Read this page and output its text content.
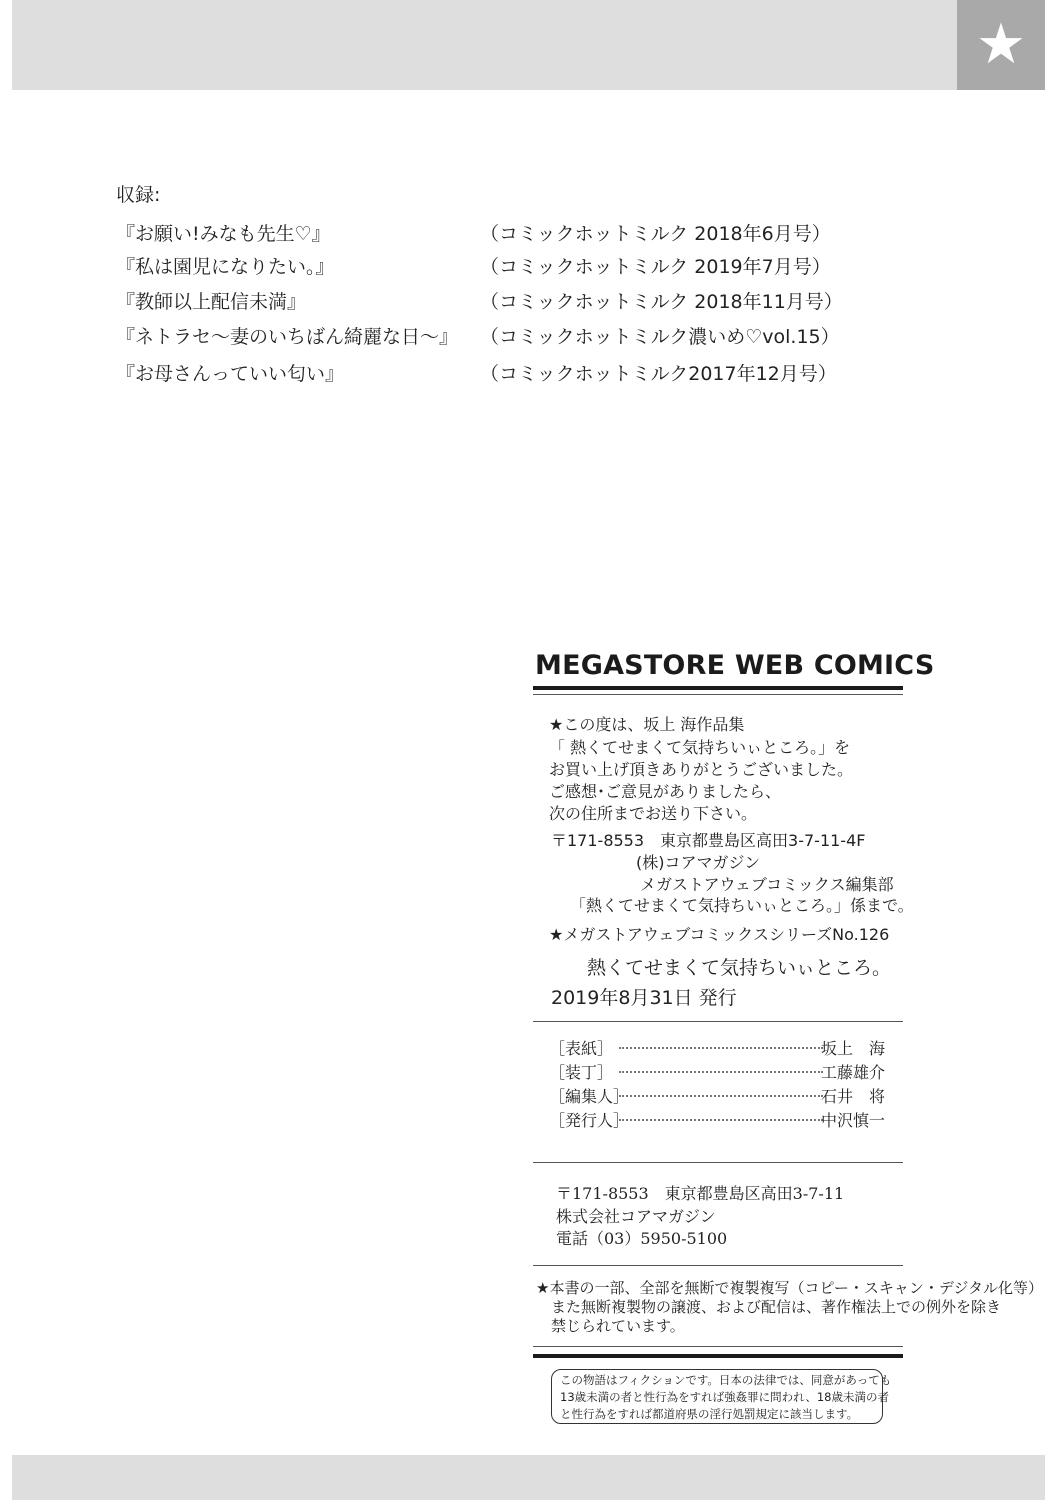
★
収録:
『お願い!みなも先生♡』	（コミックホットミルク 2018年6月号）
『私は園児になりたい。』	（コミックホットミルク 2019年7月号）
『教師以上配信未満』	（コミックホットミルク 2018年11月号）
『ネトラセ〜妻のいちばん綺麗な日〜』 （コミックホットミルク濃いめ♡vol.15）
『お母さんっていい匂い』	（コミックホットミルク2017年12月号）
MEGASTORE WEB COMICS
★この度は、坂上 海作品集
「 熱くてせまくて気持ちいぃところ。」を
お買い上げ頂きありがとうございました。
ご感想･ご意見がありましたら、
次の住所までお送り下さい。
〒171-8553　東京都豊島区高田3-7-11-4F
(株)コアマガジン
メガストアウェブコミックス編集部
「熱くてせまくて気持ちいぃところ。」係まで。
★メガストアウェブコミックスシリーズNo.126
熱くてせまくて気持ちいぃところ。
2019年8月31日 発行
［表紙］	坂上　海
［装丁］	工藤雄介
［編集人］	石井　将
［発行人］	中沢慎一
〒171-8553　東京都豊島区高田3-7-11
株式会社コアマガジン
電話（03）5950-5100
★本書の一部、全部を無断で複製複写（コピー・スキャン・デジタル化等）
また無断複製物の譲渡、および配信は、著作権法上での例外を除き
禁じられています。
この物語はフィクションです。日本の法律では、同意があっても
13歳未満の者と性行為をすれば強姦罪に問われ、18歳未満の者
と性行為をすれば都道府県の淫行処罰規定に該当します。
